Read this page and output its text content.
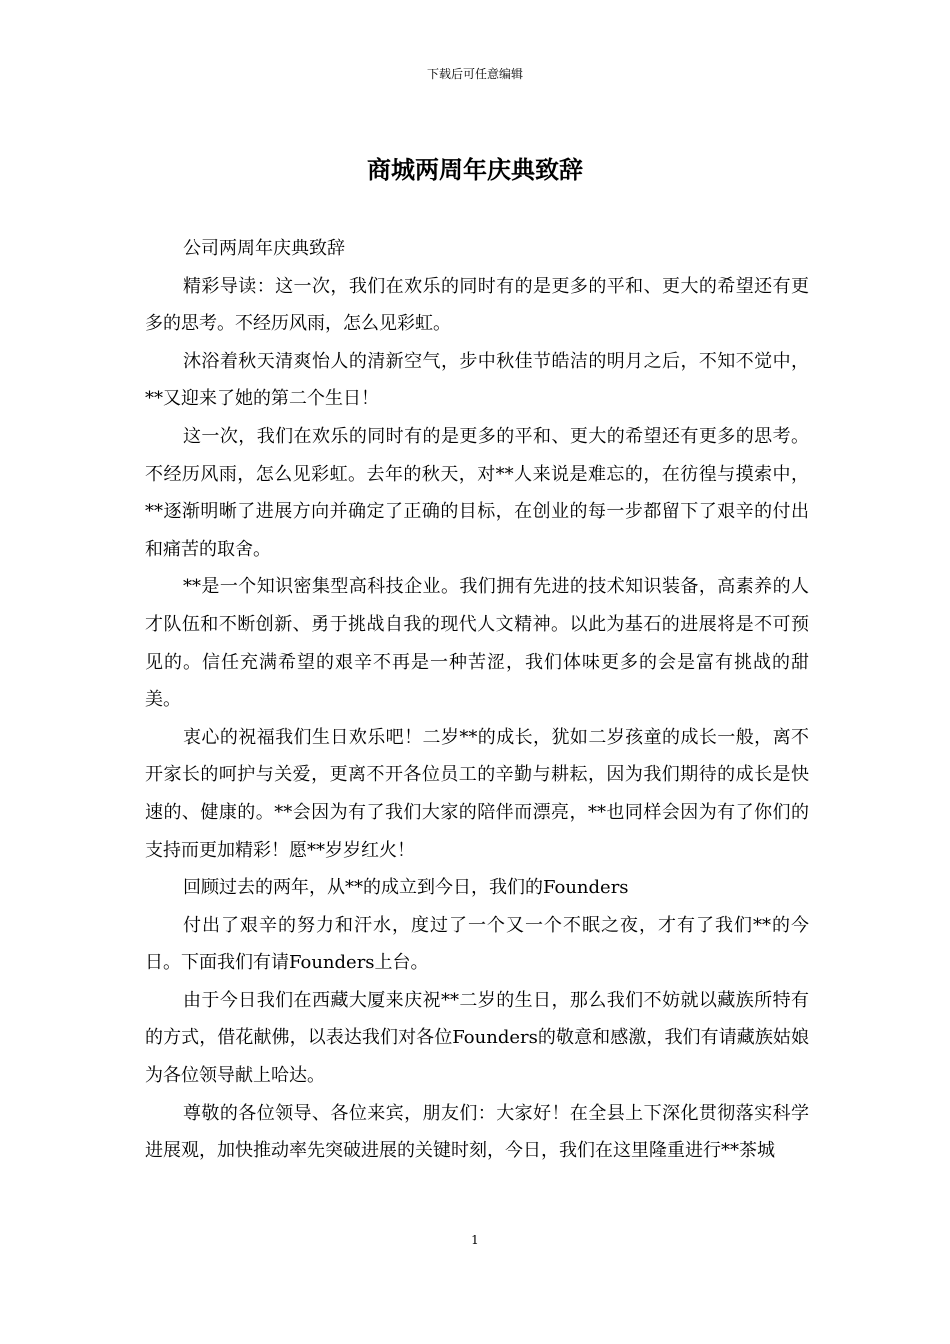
下载后可任意编辑
商城两周年庆典致辞

公司两周年庆典致辞

精彩导读：这一次，我们在欢乐的同时有的是更多的平和、更大的希望还有更多的思考。不经历风雨，怎么见彩虹。

沐浴着秋天清爽怡人的清新空气，步中秋佳节皓洁的明月之后，不知不觉中，**又迎来了她的第二个生日！

这一次，我们在欢乐的同时有的是更多的平和、更大的希望还有更多的思考。不经历风雨，怎么见彩虹。去年的秋天，对**人来说是难忘的，在彷徨与摸索中，**逐渐明晰了进展方向并确定了正确的目标，在创业的每一步都留下了艰辛的付出和痛苦的取舍。

**是一个知识密集型高科技企业。我们拥有先进的技术知识装备，高素养的人才队伍和不断创新、勇于挑战自我的现代人文精神。以此为基石的进展将是不可预见的。信任充满希望的艰辛不再是一种苦涩，我们体味更多的会是富有挑战的甜美。

衷心的祝福我们生日欢乐吧！二岁**的成长，犹如二岁孩童的成长一般，离不开家长的呵护与关爱，更离不开各位员工的辛勤与耕耘，因为我们期待的成长是快速的、健康的。**会因为有了我们大家的陪伴而漂亮，**也同样会因为有了你们的支持而更加精彩！愿**岁岁红火！

回顾过去的两年，从**的成立到今日，我们的Founders

付出了艰辛的努力和汗水，度过了一个又一个不眠之夜，才有了我们**的今日。下面我们有请Founders上台。

由于今日我们在西藏大厦来庆祝**二岁的生日，那么我们不妨就以藏族所特有的方式，借花献佛，以表达我们对各位Founders的敬意和感激，我们有请藏族姑娘为各位领导献上哈达。

尊敬的各位领导、各位来宾，朋友们：大家好！在全县上下深化贯彻落实科学进展观，加快推动率先突破进展的关键时刻，今日，我们在这里隆重进行**茶城

1
